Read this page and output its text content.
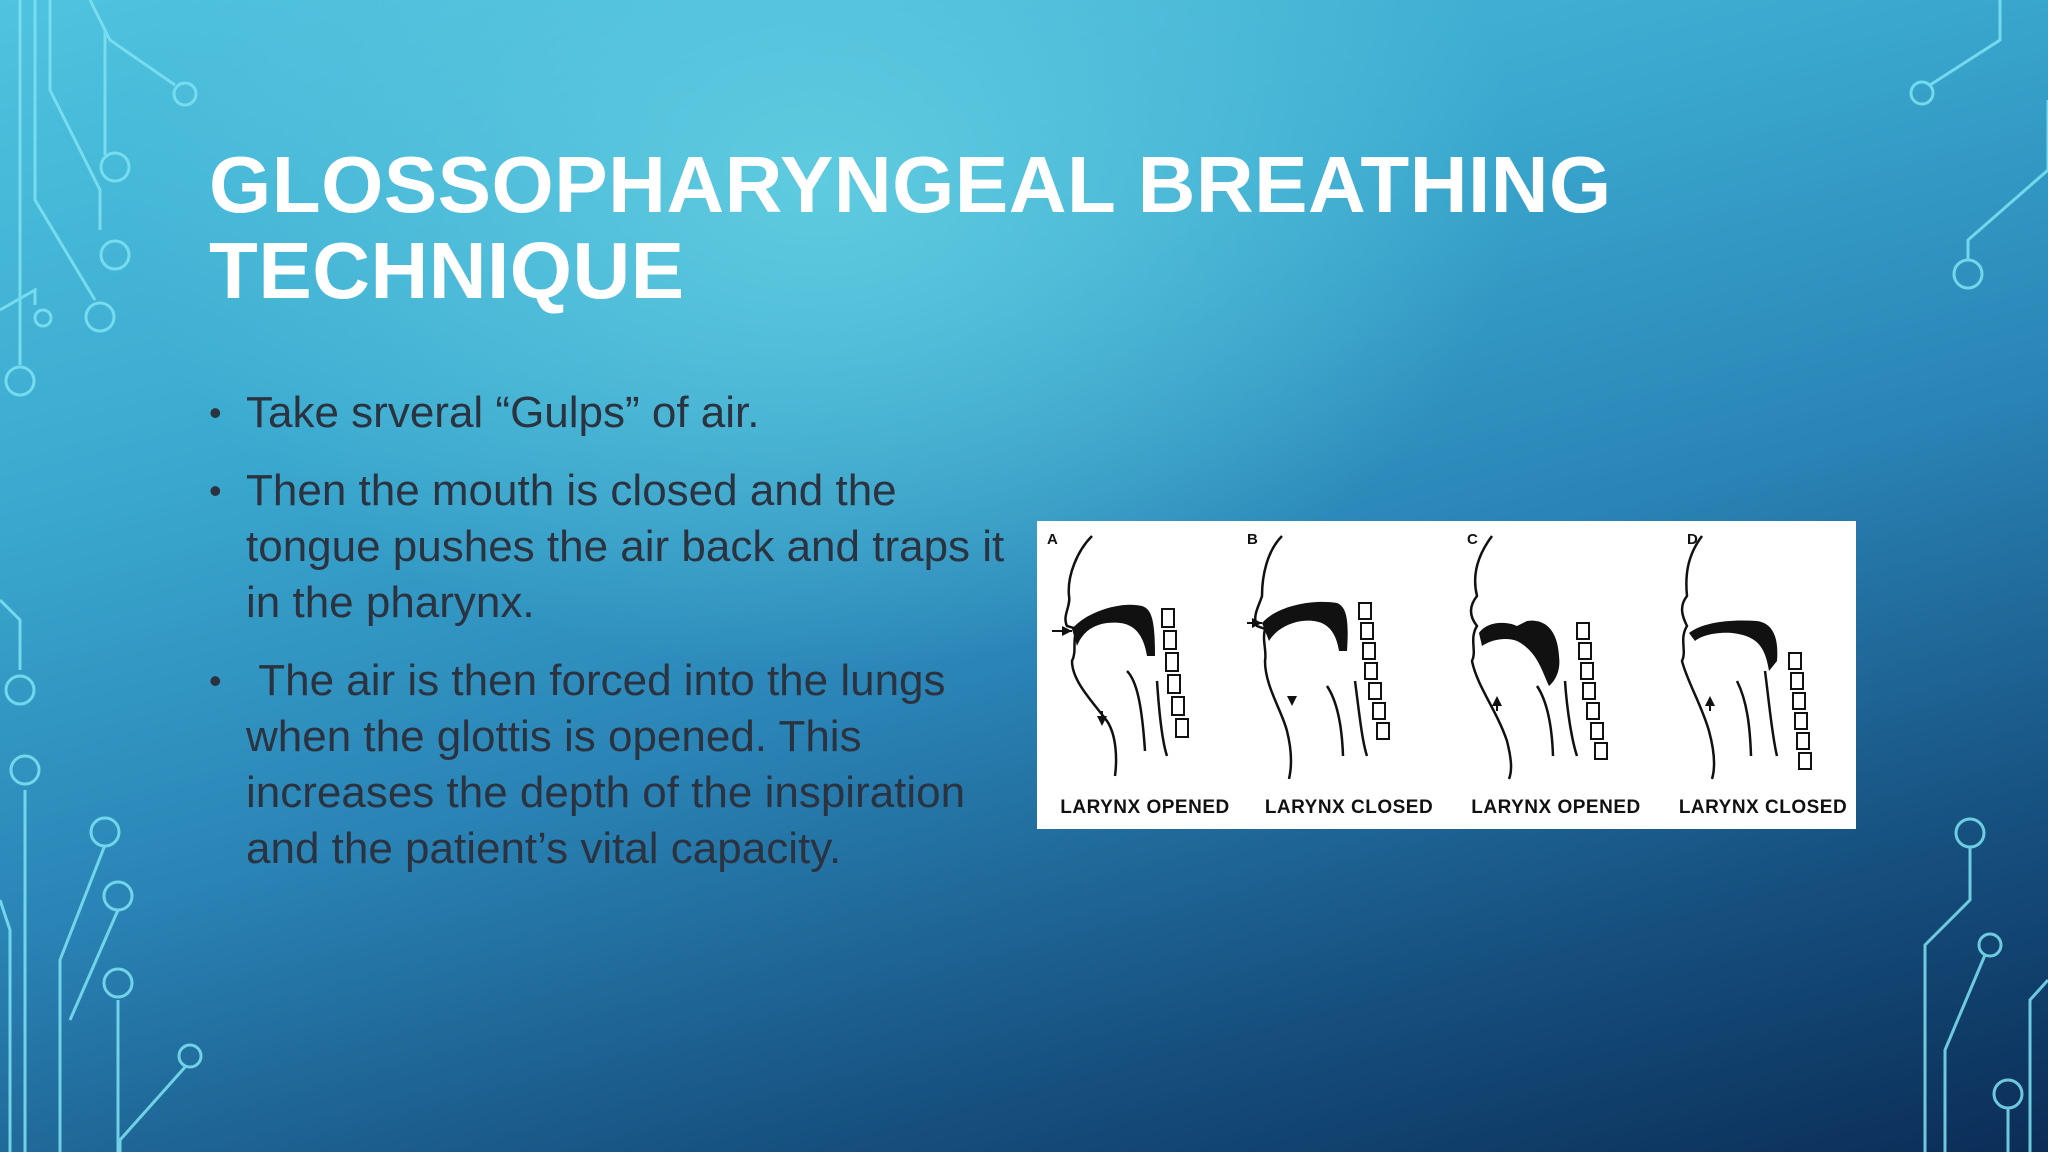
GLOSSOPHARYNGEAL BREATHING
TECHNIQUE
• Take srveral “Gulps” of air.
• Then the mouth is closed and the tongue pushes the air back and traps it in the pharynx.
• The air is then forced into the lungs when the glottis is opened. This increases the depth of the inspiration and the patient’s vital capacity.
A	B	C	D
LARYNX OPENED	LARYNX CLOSED	LARYNX OPENED	LARYNX CLOSED
